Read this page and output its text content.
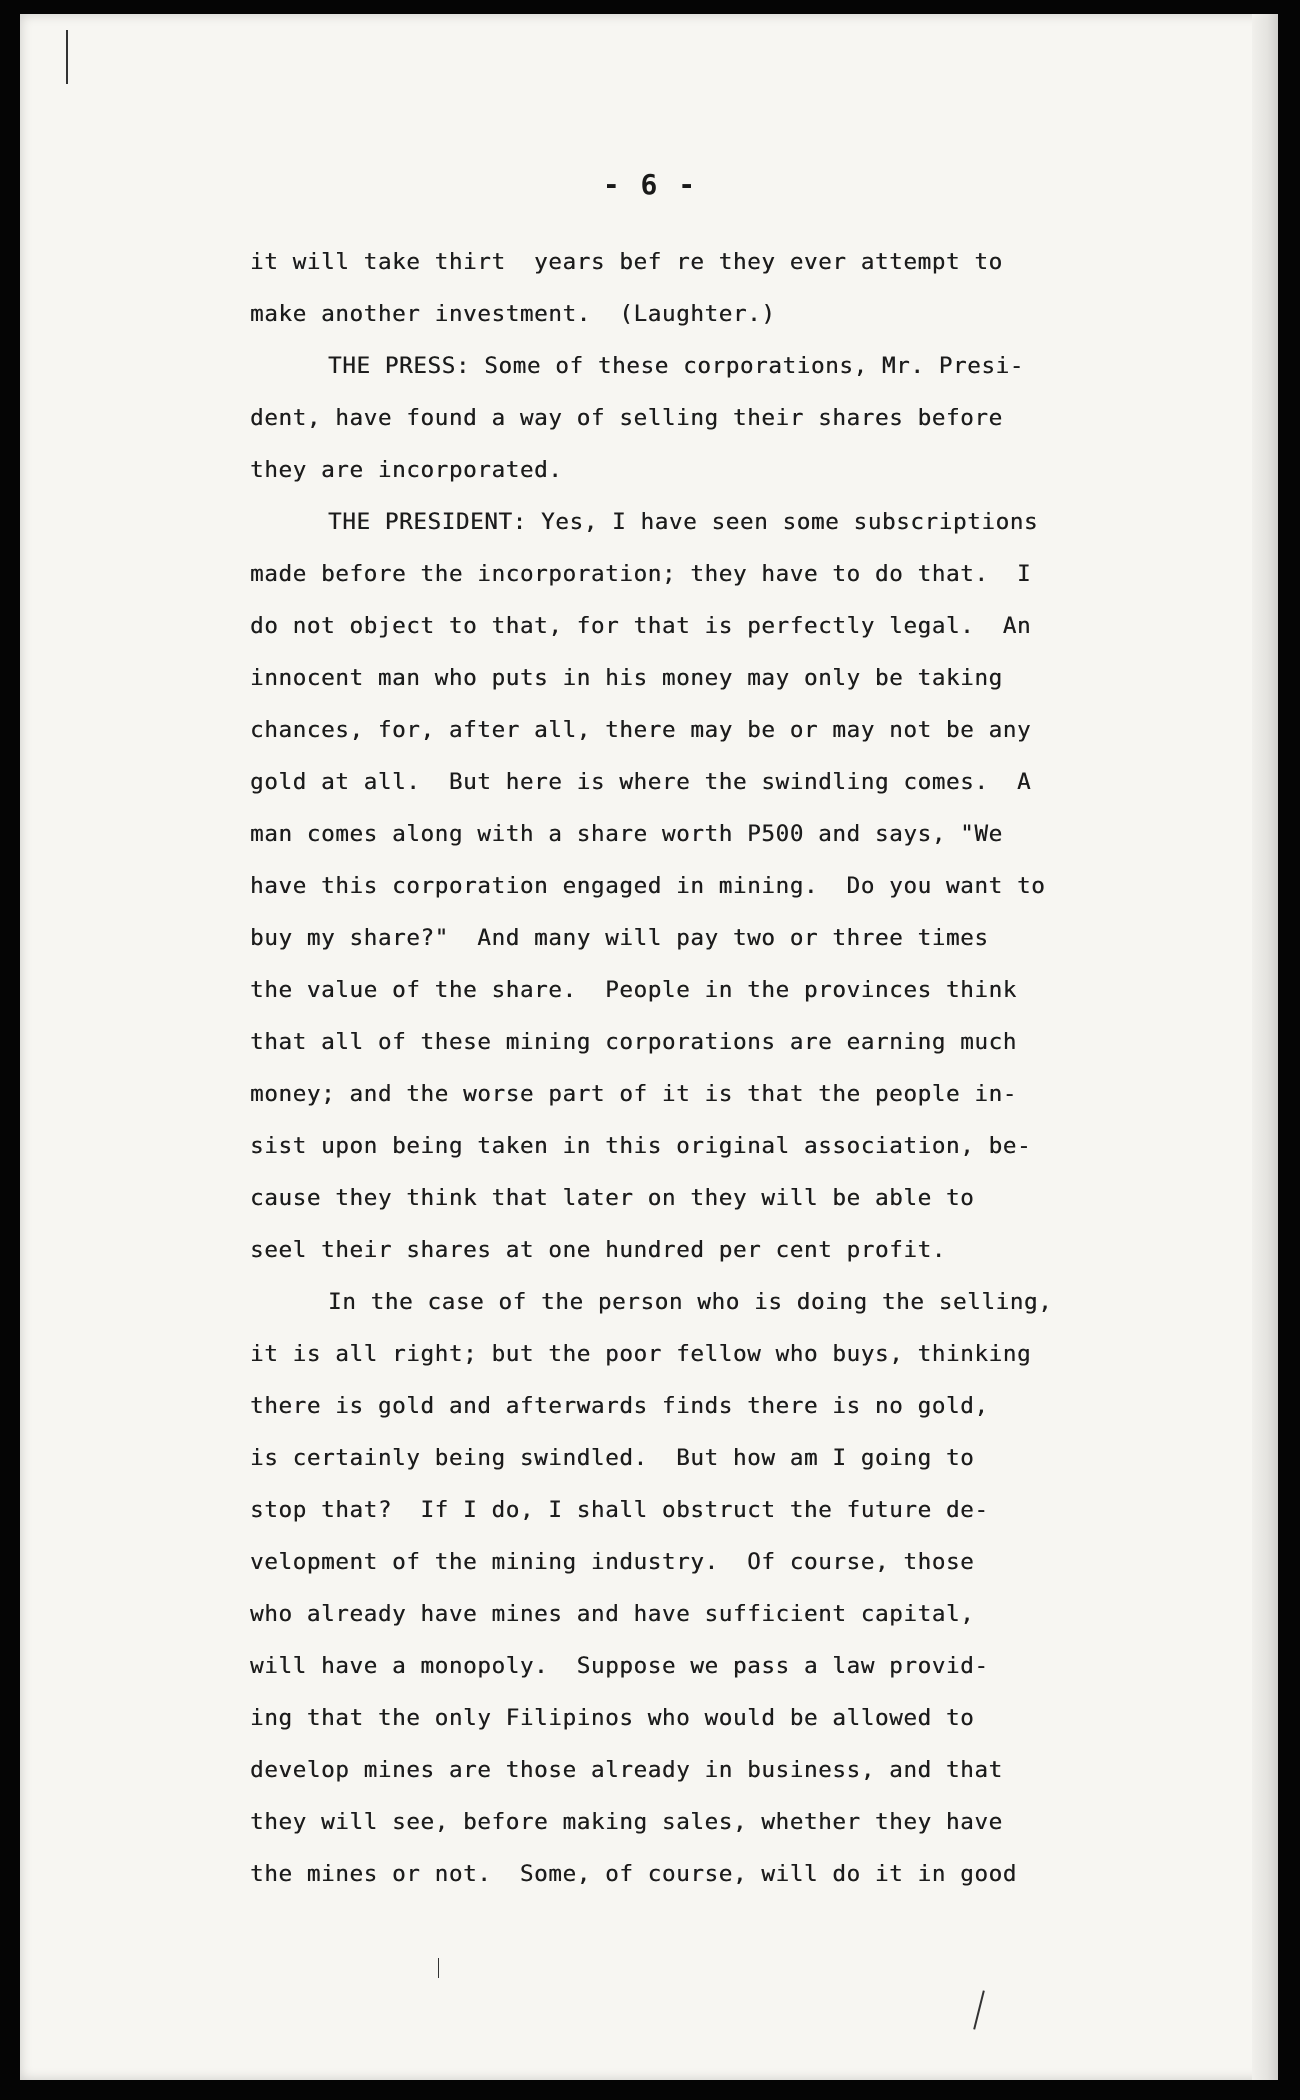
- 6 -
it will take thirt  years bef re they ever attempt to
make another investment.  (Laughter.)
THE PRESS: Some of these corporations, Mr. Presi-
dent, have found a way of selling their shares before
they are incorporated.
THE PRESIDENT: Yes, I have seen some subscriptions
made before the incorporation; they have to do that.  I
do not object to that, for that is perfectly legal.  An
innocent man who puts in his money may only be taking
chances, for, after all, there may be or may not be any
gold at all.  But here is where the swindling comes.  A
man comes along with a share worth P500 and says, "We
have this corporation engaged in mining.  Do you want to
buy my share?"  And many will pay two or three times
the value of the share.  People in the provinces think
that all of these mining corporations are earning much
money; and the worse part of it is that the people in-
sist upon being taken in this original association, be-
cause they think that later on they will be able to
seel their shares at one hundred per cent profit.
In the case of the person who is doing the selling,
it is all right; but the poor fellow who buys, thinking
there is gold and afterwards finds there is no gold,
is certainly being swindled.  But how am I going to
stop that?  If I do, I shall obstruct the future de-
velopment of the mining industry.  Of course, those
who already have mines and have sufficient capital,
will have a monopoly.  Suppose we pass a law provid-
ing that the only Filipinos who would be allowed to
develop mines are those already in business, and that
they will see, before making sales, whether they have
the mines or not.  Some, of course, will do it in good
